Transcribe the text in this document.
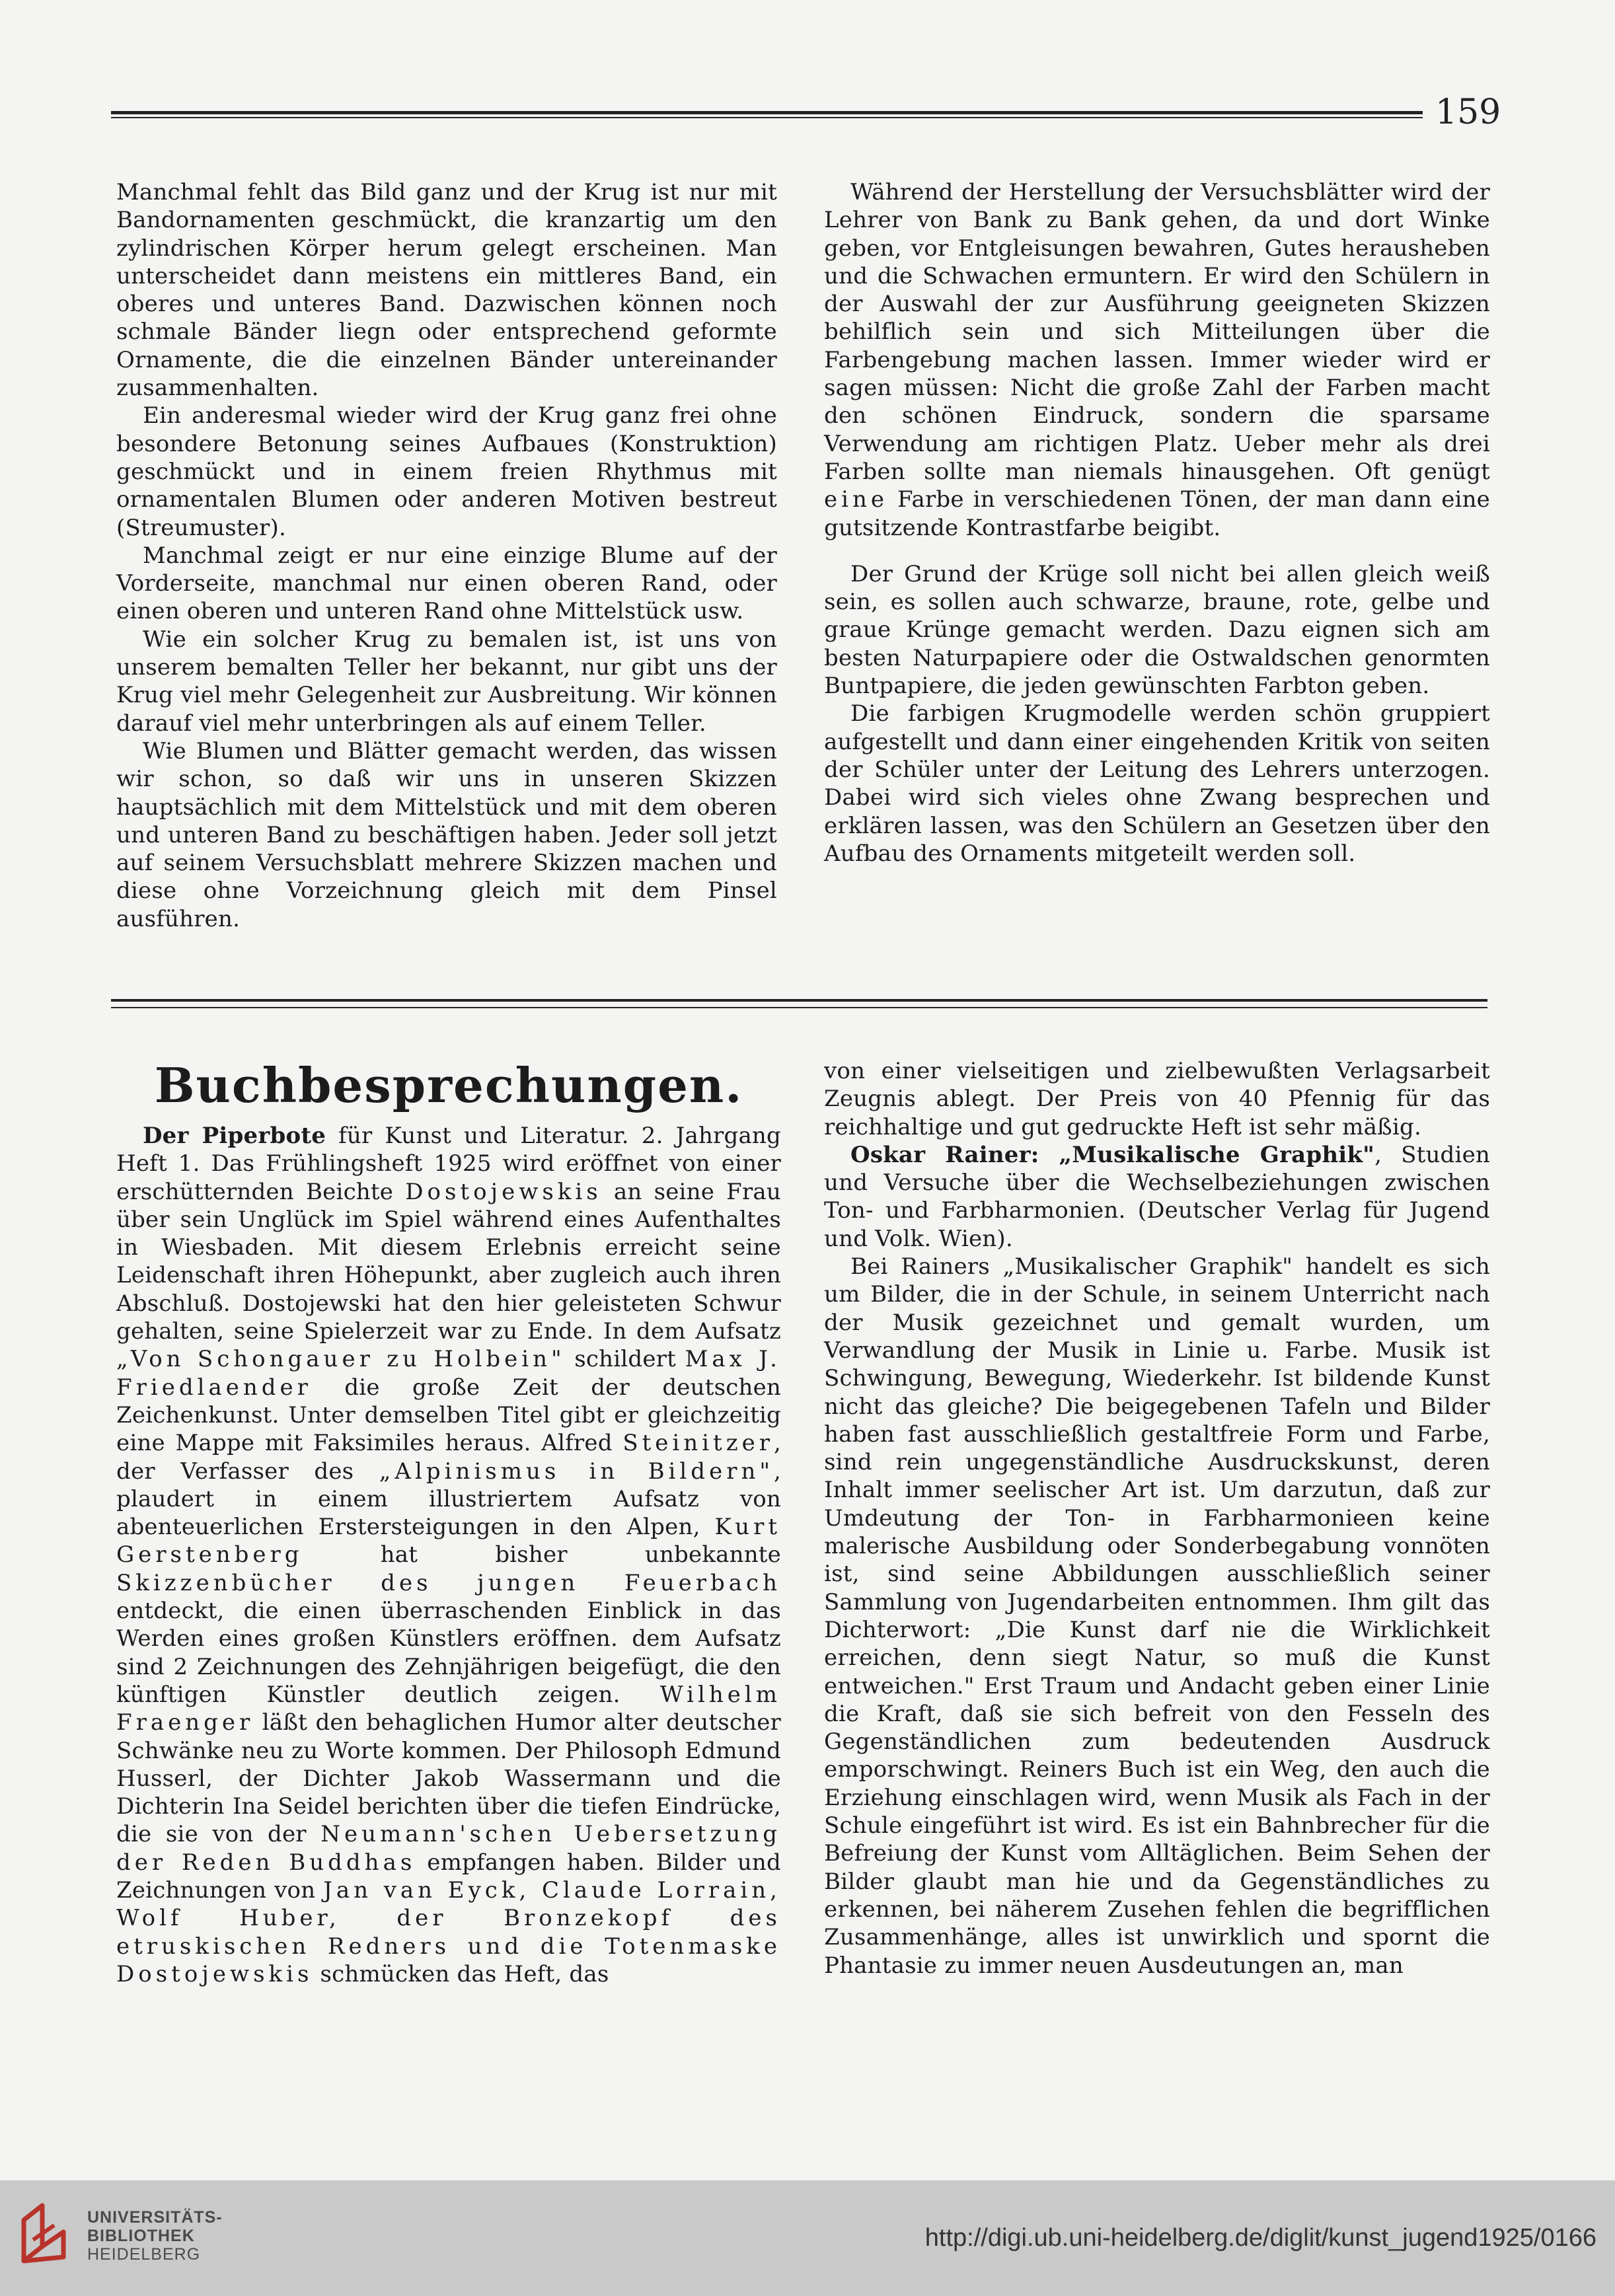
159

Manchmal fehlt das Bild ganz und der Krug ist nur mit Bandornamenten geschmückt, die kranzartig um den zylindrischen Körper herum gelegt erscheinen. Man unterscheidet dann meistens ein mittleres Band, ein oberes und unteres Band. Dazwischen können noch schmale Bänder liegn oder entsprechend geformte Ornamente, die die einzelnen Bänder untereinander zusammenhalten.

Ein anderesmal wieder wird der Krug ganz frei ohne besondere Betonung seines Aufbaues (Konstruktion) geschmückt und in einem freien Rhythmus mit ornamentalen Blumen oder anderen Motiven bestreut (Streumuster).

Manchmal zeigt er nur eine einzige Blume auf der Vorderseite, manchmal nur einen oberen Rand, oder einen oberen und unteren Rand ohne Mittelstück usw.

Wie ein solcher Krug zu bemalen ist, ist uns von unserem bemalten Teller her bekannt, nur gibt uns der Krug viel mehr Gelegenheit zur Ausbreitung. Wir können darauf viel mehr unterbringen als auf einem Teller.

Wie Blumen und Blätter gemacht werden, das wissen wir schon, so daß wir uns in unseren Skizzen hauptsächlich mit dem Mittelstück und mit dem oberen und unteren Band zu beschäftigen haben. Jeder soll jetzt auf seinem Versuchsblatt mehrere Skizzen machen und diese ohne Vorzeichnung gleich mit dem Pinsel ausführen.

Während der Herstellung der Versuchsblätter wird der Lehrer von Bank zu Bank gehen, da und dort Winke geben, vor Entgleisungen bewahren, Gutes herausheben und die Schwachen ermuntern. Er wird den Schülern in der Auswahl der zur Ausführung geeigneten Skizzen behilflich sein und sich Mitteilungen über die Farbengebung machen lassen. Immer wieder wird er sagen müssen: Nicht die große Zahl der Farben macht den schönen Eindruck, sondern die sparsame Verwendung am richtigen Platz. Ueber mehr als drei Farben sollte man niemals hinausgehen. Oft genügt eine Farbe in verschiedenen Tönen, der man dann eine gutsitzende Kontrastfarbe beigibt.

Der Grund der Krüge soll nicht bei allen gleich weiß sein, es sollen auch schwarze, braune, rote, gelbe und graue Krünge gemacht werden. Dazu eignen sich am besten Naturpapiere oder die Ostwaldschen genormten Buntpapiere, die jeden gewünschten Farbton geben.

Die farbigen Krugmodelle werden schön gruppiert aufgestellt und dann einer eingehenden Kritik von seiten der Schüler unter der Leitung des Lehrers unterzogen. Dabei wird sich vieles ohne Zwang besprechen und erklären lassen, was den Schülern an Gesetzen über den Aufbau des Ornaments mitgeteilt werden soll.

Buchbesprechungen.

Der Piperbote für Kunst und Literatur. 2. Jahrgang Heft 1. Das Frühlingsheft 1925 wird eröffnet von einer erschütternden Beichte Dostojewskis an seine Frau über sein Unglück im Spiel während eines Aufenthaltes in Wiesbaden. Mit diesem Erlebnis erreicht seine Leidenschaft ihren Höhepunkt, aber zugleich auch ihren Abschluß. Dostojewski hat den hier geleisteten Schwur gehalten, seine Spielerzeit war zu Ende. In dem Aufsatz „Von Schongauer zu Holbein" schildert Max J. Friedlaender die große Zeit der deutschen Zeichenkunst. Unter demselben Titel gibt er gleichzeitig eine Mappe mit Faksimiles heraus. Alfred Steinitzer, der Verfasser des „Alpinismus in Bildern", plaudert in einem illustriertem Aufsatz von abenteuerlichen Erstersteigungen in den Alpen, Kurt Gerstenberg hat bisher unbekannte Skizzenbücher des jungen Feuerbach entdeckt, die einen überraschenden Einblick in das Werden eines großen Künstlers eröffnen. dem Aufsatz sind 2 Zeichnungen des Zehnjährigen beigefügt, die den künftigen Künstler deutlich zeigen. Wilhelm Fraenger läßt den behaglichen Humor alter deutscher Schwänke neu zu Worte kommen. Der Philosoph Edmund Husserl, der Dichter Jakob Wassermann und die Dichterin Ina Seidel berichten über die tiefen Eindrücke, die sie von der Neumann'schen Uebersetzung der Reden Buddhas empfangen haben. Bilder und Zeichnungen von Jan van Eyck, Claude Lorrain, Wolf Huber, der Bronzekopf des etruskischen Redners und die Totenmaske Dostojewskis schmücken das Heft, das

von einer vielseitigen und zielbewußten Verlagsarbeit Zeugnis ablegt. Der Preis von 40 Pfennig für das reichhaltige und gut gedruckte Heft ist sehr mäßig.

Oskar Rainer: „Musikalische Graphik", Studien und Versuche über die Wechselbeziehungen zwischen Ton- und Farbharmonien. (Deutscher Verlag für Jugend und Volk. Wien).

Bei Rainers „Musikalischer Graphik" handelt es sich um Bilder, die in der Schule, in seinem Unterricht nach der Musik gezeichnet und gemalt wurden, um Verwandlung der Musik in Linie u. Farbe. Musik ist Schwingung, Bewegung, Wiederkehr. Ist bildende Kunst nicht das gleiche? Die beigegebenen Tafeln und Bilder haben fast ausschließlich gestaltfreie Form und Farbe, sind rein ungegenständliche Ausdruckskunst, deren Inhalt immer seelischer Art ist. Um darzutun, daß zur Umdeutung der Ton- in Farbharmonieen keine malerische Ausbildung oder Sonderbegabung vonnöten ist, sind seine Abbildungen ausschließlich seiner Sammlung von Jugendarbeiten entnommen. Ihm gilt das Dichterwort: „Die Kunst darf nie die Wirklichkeit erreichen, denn siegt Natur, so muß die Kunst entweichen." Erst Traum und Andacht geben einer Linie die Kraft, daß sie sich befreit von den Fesseln des Gegenständlichen zum bedeutenden Ausdruck emporschwingt. Reiners Buch ist ein Weg, den auch die Erziehung einschlagen wird, wenn Musik als Fach in der Schule eingeführt ist wird. Es ist ein Bahnbrecher für die Befreiung der Kunst vom Alltäglichen. Beim Sehen der Bilder glaubt man hie und da Gegenständliches zu erkennen, bei näherem Zusehen fehlen die begrifflichen Zusammenhänge, alles ist unwirklich und spornt die Phantasie zu immer neuen Ausdeutungen an, man

UNIVERSITÄTS-
BIBLIOTHEK
HEIDELBERG
http://digi.ub.uni-heidelberg.de/diglit/kunst_jugend1925/0166
